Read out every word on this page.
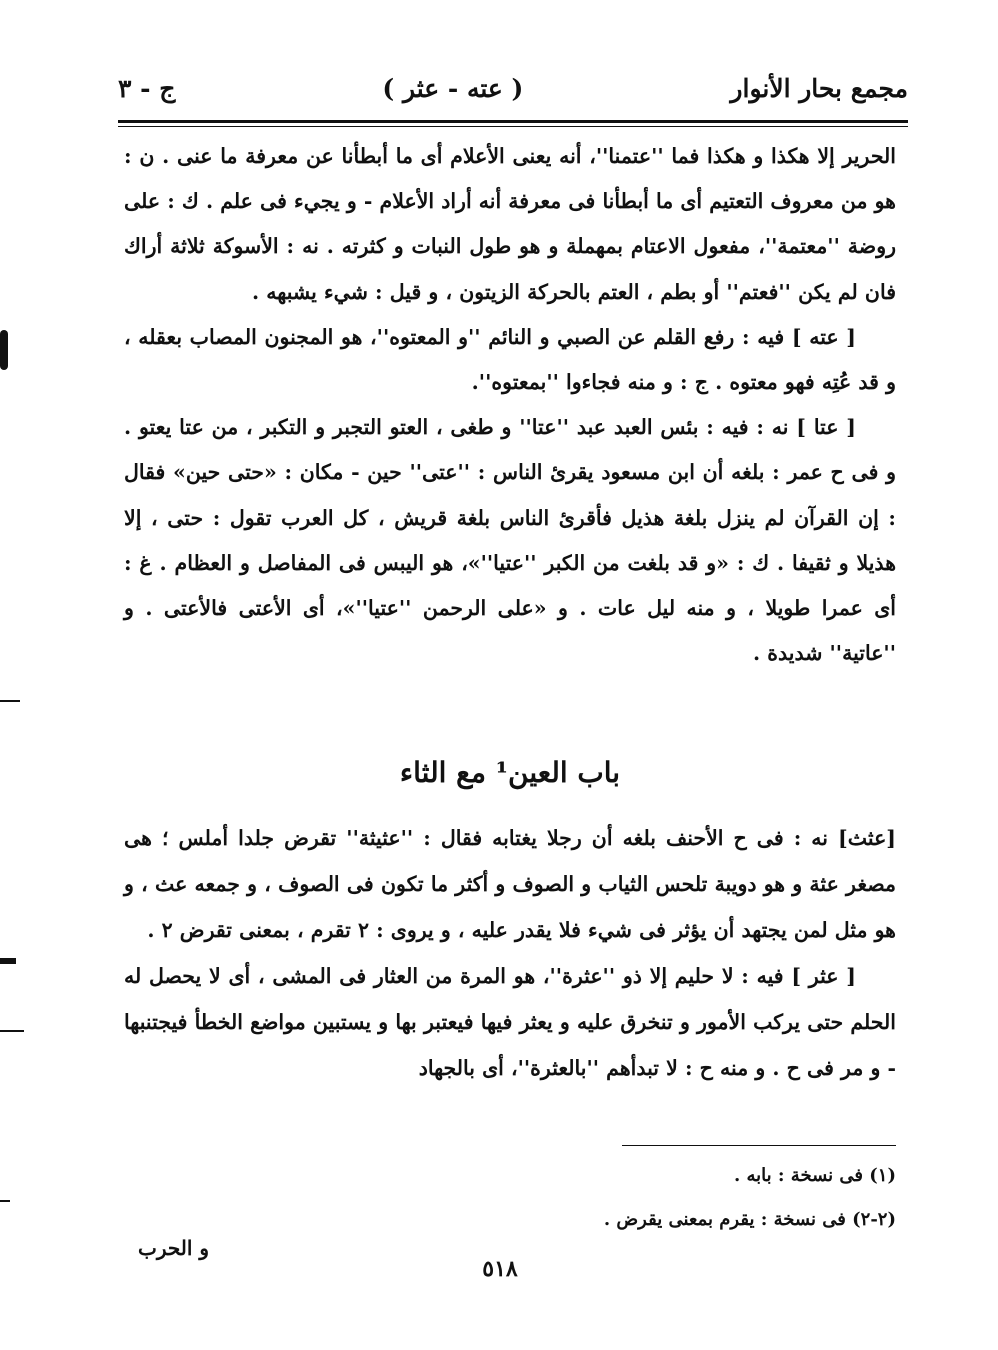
مجمع بحار الأنوار
( عته - عثر )
ج - ٣

الحرير إلا هكذا و هكذا فما ''عتمنا''، أنه يعنى الأعلام أى ما أبطأنا عن معرفة ما عنى . ن : هو من معروف التعتيم أى ما أبطأنا فى معرفة أنه أراد الأعلام - و يجيء فى علم . ك : على روضة ''معتمة''، مفعول الاعتام بمهملة و هو طول النبات و كثرته . نه : الأسوكة ثلاثة أراك فان لم يكن ''فعتم'' أو بطم ، العتم بالحركة الزيتون ، و قيل : شيء يشبهه .

[ عته ] فيه : رفع القلم عن الصبي و النائم ''و المعتوه''، هو المجنون المصاب بعقله ، و قد عُتِه فهو معتوه . ج : و منه فجاءوا ''بمعتوه''.

[ عتا ] نه : فيه : بئس العبد عبد ''عتا'' و طغى ، العتو التجبر و التكبر ، من عتا يعتو . و فى ح عمر : بلغه أن ابن مسعود يقرئ الناس : ''عتى'' حين - مكان : «حتى حين» فقال : إن القرآن لم ينزل بلغة هذيل فأقرئ الناس بلغة قريش ، كل العرب تقول : حتى ، إلا هذيلا و ثقيفا . ك : «و قد بلغت من الكبر ''عتيا''»، هو اليبس فى المفاصل و العظام . غ : أى عمرا طويلا ، و منه ليل عات . و «على الرحمن ''عتيا''»، أى الأعتى فالأعتى . و ''عاتية'' شديدة .

باب العين¹ مع الثاء

[عثث] نه : فى ح الأحنف بلغه أن رجلا يغتابه فقال : ''عثيثة'' تقرض جلدا أملس ؛ هى مصغر عثة و هو دويبة تلحس الثياب و الصوف و أكثر ما تكون فى الصوف ، و جمعه عث ، و هو مثل لمن يجتهد أن يؤثر فى شيء فلا يقدر عليه ، و يروى : ٢ تقرم ، بمعنى تقرض ٢ .

[ عثر ] فيه : لا حليم إلا ذو ''عثرة''، هو المرة من العثار فى المشى ، أى لا يحصل له الحلم حتى يركب الأمور و تنخرق عليه و يعثر فيها فيعتبر بها و يستبين مواضع الخطأ فيجتنبها - و مر فى ح . و منه ح : لا تبدأهم ''بالعثرة''، أى بالجهاد

(١) فى نسخة : بابه .
(٢-٢) فى نسخة : يقرم بمعنى يقرض .
و الحرب
٥١٨
